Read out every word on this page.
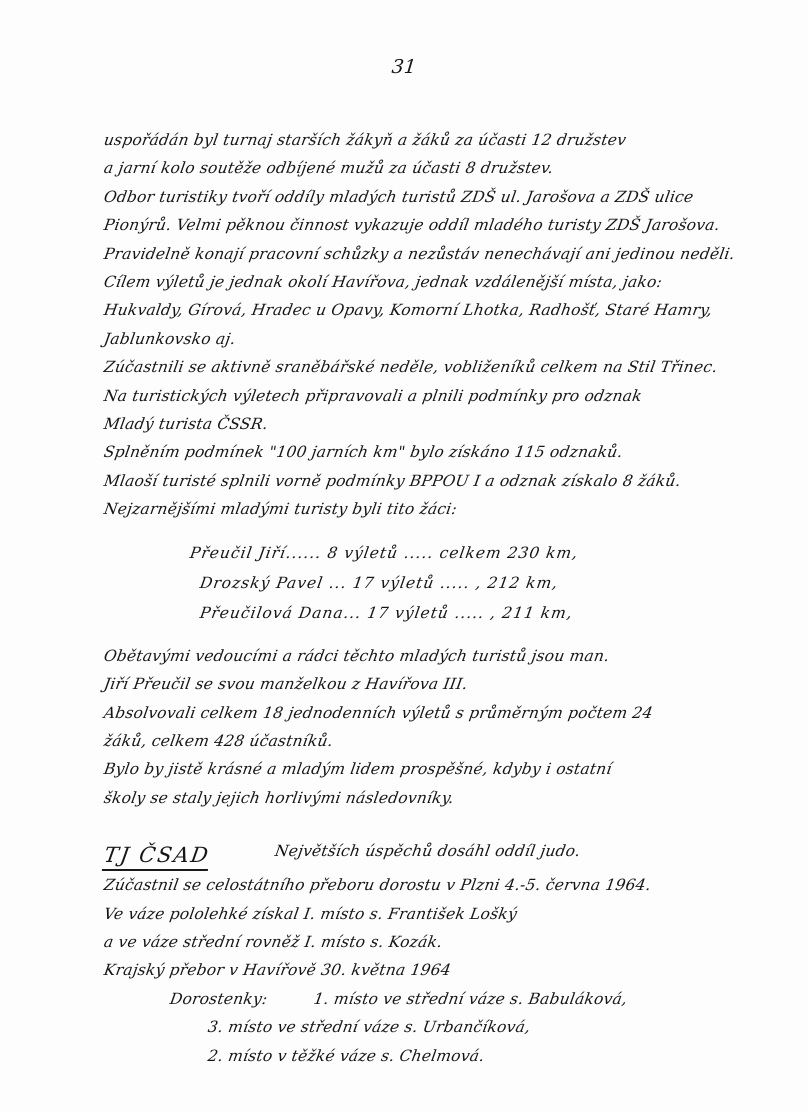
31
uspořádán byl turnaj starších žákyň a žáků za účasti 12 družstev
a jarní kolo soutěže odbíjené mužů za účasti 8 družstev.
Odbor turistiky tvoří oddíly mladých turistů ZDŠ ul. Jarošova a ZDŠ ulice
Pionýrů. Velmi pěknou činnost vykazuje oddíl mladého turisty ZDŠ Jarošova.
Pravidelně konají pracovní schůzky a nezůstáv nenechávají ani jedinou neděli.
Cílem výletů je jednak okolí Havířova, jednak vzdálenější místa, jako:
Hukvaldy, Gírová, Hradec u Opavy, Komorní Lhotka, Radhošť, Staré Hamry,
Jablunkovsko aj.
Zúčastnili se aktivně sraněbářské neděle, vobliženíků celkem na Stil Třinec.
Na turistických výletech připravovali a plnili podmínky pro odznak
Mladý turista ČSSR.
Splněním podmínek "100 jarních km" bylo získáno 115 odznaků.
Mlaoší turisté splnili vorně podmínky BPPOU I a odznak získalo 8 žáků.
Nejzarnějšími mladými turisty byli tito žáci:
Přeučil Jiří...... 8 výletů ..... celkem 230 km,
Drozský Pavel ... 17 výletů ..... , 212 km,
Přeučilová Dana... 17 výletů ..... , 211 km,
Obětavými vedoucími a rádci těchto mladých turistů jsou man.
Jiří Přeučil se svou manželkou z Havířova III.
Absolvovali celkem 18 jednodenních výletů s průměrným počtem 24
žáků, celkem 428 účastníků.
Bylo by jistě krásné a mladým lidem prospěšné, kdyby i ostatní
školy se staly jejich horlivými následovníky.
TJ ČSAD	Největších úspěchů dosáhl oddíl judo.
Zúčastnil se celostátního přeboru dorostu v Plzni 4.-5. června 1964.
Ve váze pololehké získal I. místo s. František Lošký
a ve váze střední rovněž I. místo s. Kozák.
Krajský přebor v Havířově 30. května 1964
Dorostenky:	1. místo ve střední váze s. Babuláková,
3. místo ve střední váze s. Urbančíková,
2. místo v těžké váze s. Chelmová.
